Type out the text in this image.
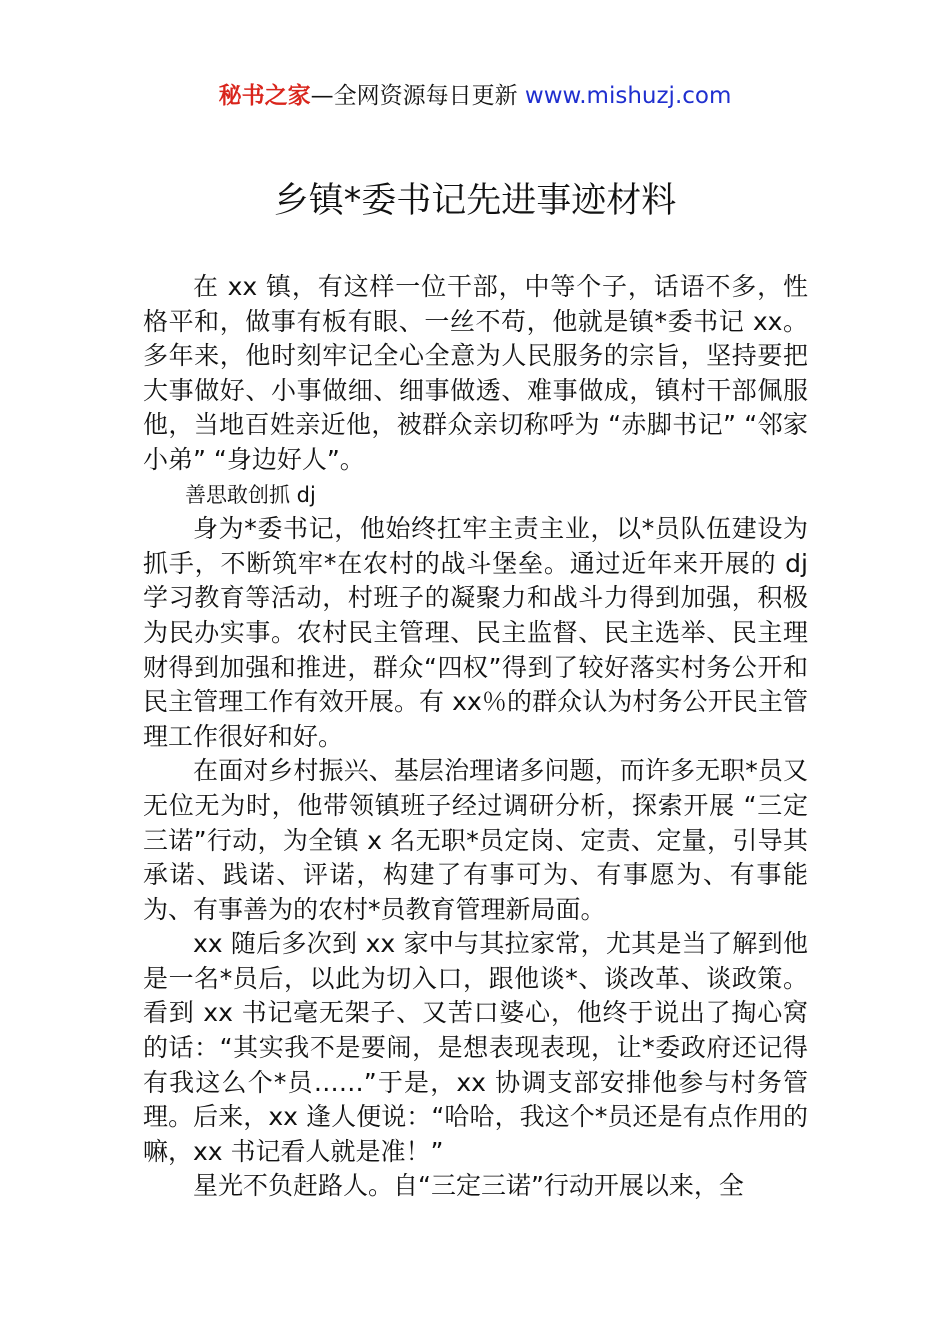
秘书之家—全网资源每日更新 www.mishuzj.com
乡镇*委书记先进事迹材料

在 xx 镇，有这样一位干部，中等个子，话语不多，性格平和，做事有板有眼、一丝不苟，他就是镇*委书记 xx。多年来，他时刻牢记全心全意为人民服务的宗旨，坚持要把大事做好、小事做细、细事做透、难事做成，镇村干部佩服他，当地百姓亲近他，被群众亲切称呼为 “赤脚书记” “邻家小弟” “身边好人”。

善思敢创抓 dj

身为*委书记，他始终扛牢主责主业，以*员队伍建设为抓手，不断筑牢*在农村的战斗堡垒。通过近年来开展的 dj 学习教育等活动，村班子的凝聚力和战斗力得到加强，积极为民办实事。农村民主管理、民主监督、民主选举、民主理财得到加强和推进，群众“四权”得到了较好落实村务公开和民主管理工作有效开展。有 xx％的群众认为村务公开民主管理工作很好和好。

在面对乡村振兴、基层治理诸多问题，而许多无职*员又无位无为时，他带领镇班子经过调研分析，探索开展 “三定三诺”行动，为全镇 x 名无职*员定岗、定责、定量，引导其承诺、践诺、评诺，构建了有事可为、有事愿为、有事能为、有事善为的农村*员教育管理新局面。

xx 随后多次到 xx 家中与其拉家常，尤其是当了解到他是一名*员后，以此为切入口，跟他谈*、谈改革、谈政策。看到 xx 书记毫无架子、又苦口婆心，他终于说出了掏心窝的话：“其实我不是要闹，是想表现表现，让*委政府还记得有我这么个*员……”于是，xx 协调支部安排他参与村务管理。后来，xx 逢人便说：“哈哈，我这个*员还是有点作用的嘛，xx 书记看人就是准！”

星光不负赶路人。自“三定三诺”行动开展以来，全
